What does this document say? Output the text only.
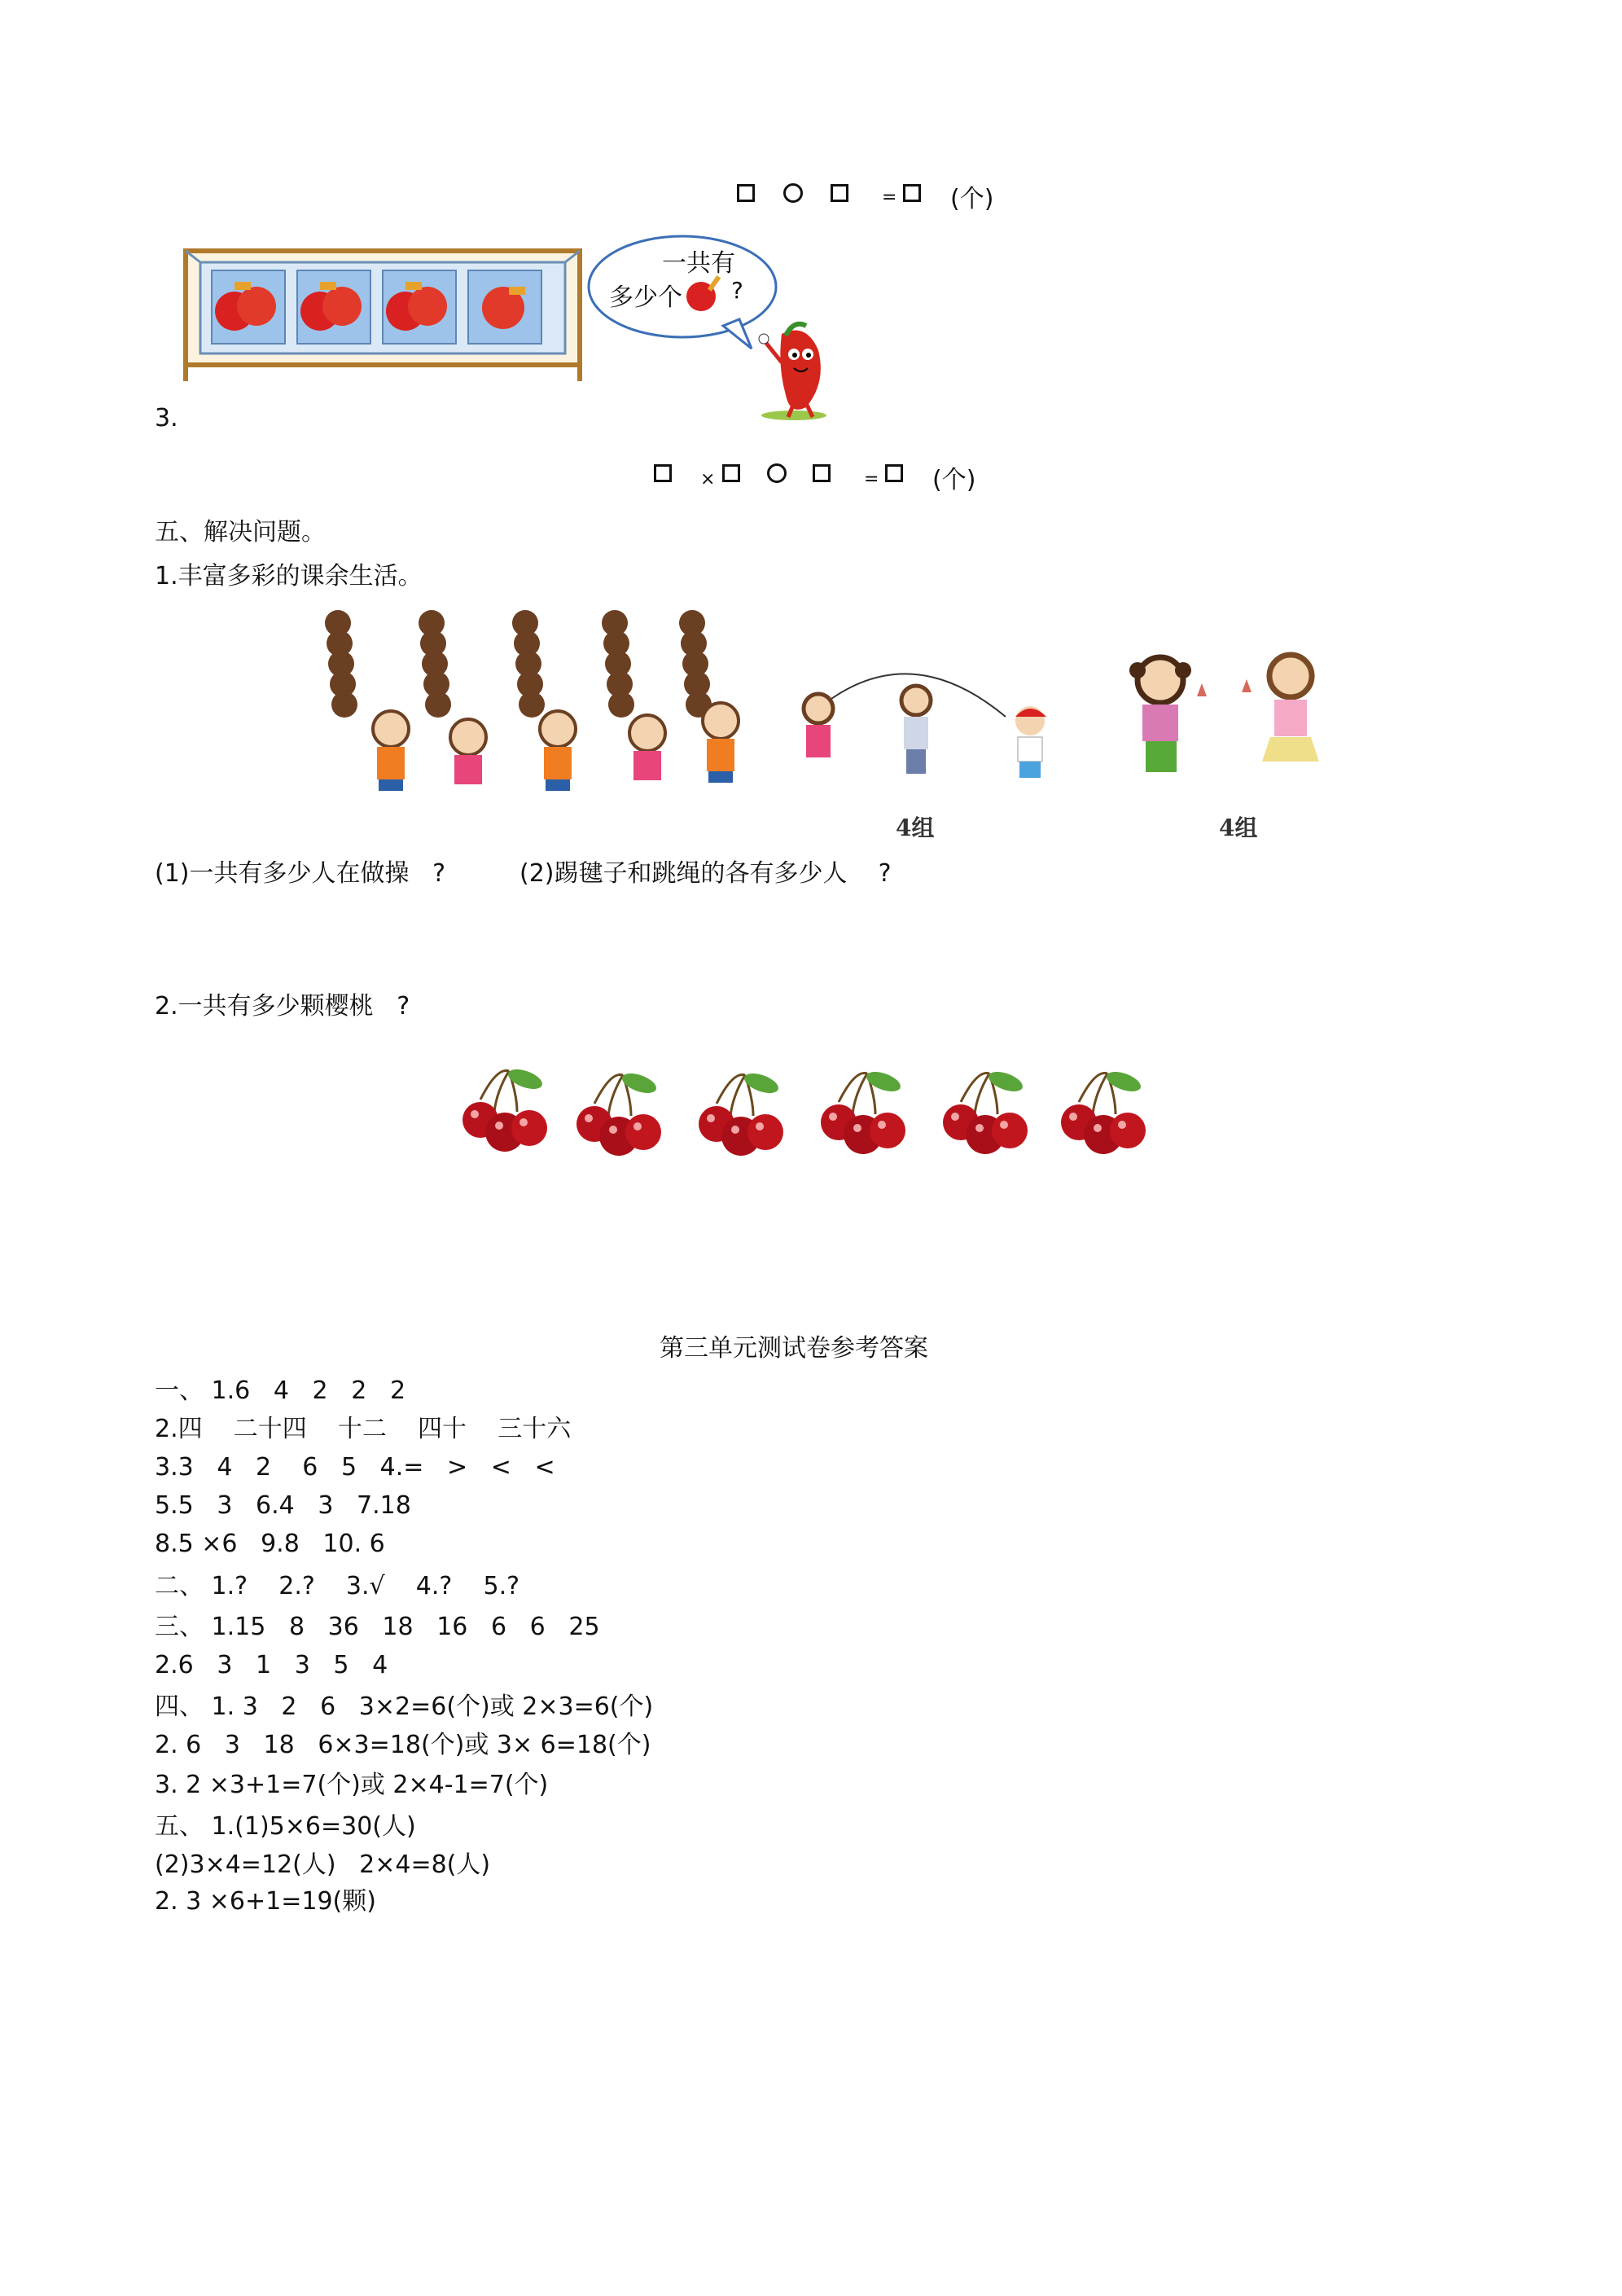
= (个)
一共有
多少个 ?
3.
×	= (个)
五、解决问题。
1.丰富多彩的课余生活。
4组	4组
(1)一共有多少人在做操   ?	(2)踢毽子和跳绳的各有多少人    ?
2.一共有多少颗樱桃   ?
第三单元测试卷参考答案
一、 1.6   4   2   2   2
2.四    二十四    十二    四十    三十六
3.3   4   2    6   5   4.=   >   <   <
5.5   3   6.4   3   7.18
8.5 ×6   9.8   10. 6
二、 1.?    2.?    3.√    4.?    5.?
三、 1.15   8   36   18   16   6   6   25
2.6   3   1   3   5   4
四、 1. 3   2   6   3×2=6(个)或 2×3=6(个)
2. 6   3   18   6×3=18(个)或 3× 6=18(个)
3. 2 ×3+1=7(个)或 2×4-1=7(个)
五、 1.(1)5×6=30(人)
(2)3×4=12(人)   2×4=8(人)
2. 3 ×6+1=19(颗)
